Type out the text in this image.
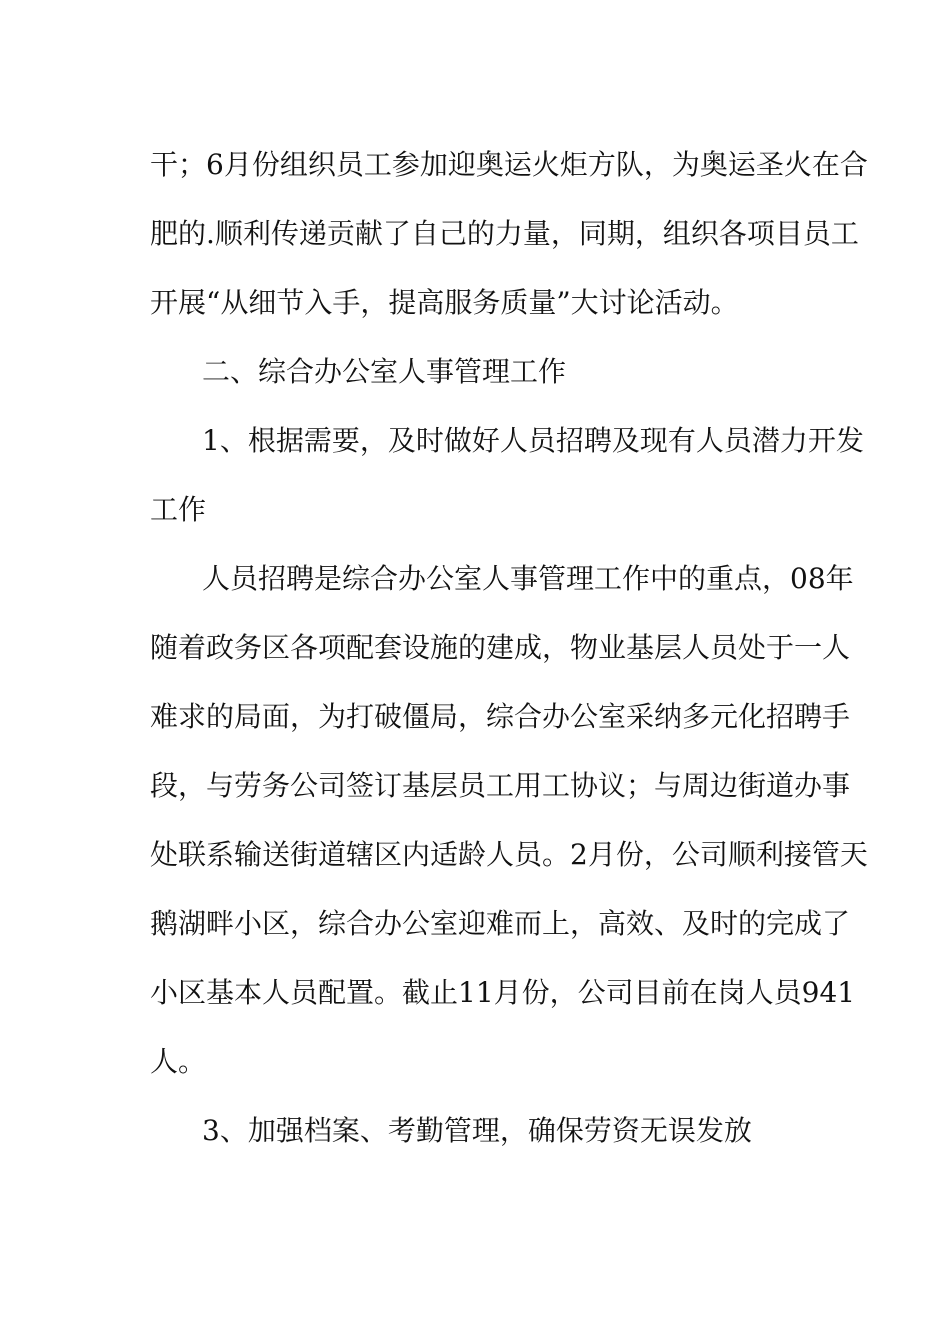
干；6月份组织员工参加迎奥运火炬方队，为奥运圣火在合
肥的.顺利传递贡献了自己的力量，同期，组织各项目员工
开展“从细节入手，提高服务质量”大讨论活动。
二、综合办公室人事管理工作
1、根据需要，及时做好人员招聘及现有人员潜力开发
工作
人员招聘是综合办公室人事管理工作中的重点，08年
随着政务区各项配套设施的建成，物业基层人员处于一人
难求的局面，为打破僵局，综合办公室采纳多元化招聘手
段，与劳务公司签订基层员工用工协议；与周边街道办事
处联系输送街道辖区内适龄人员。2月份，公司顺利接管天
鹅湖畔小区，综合办公室迎难而上，高效、及时的完成了
小区基本人员配置。截止11月份，公司目前在岗人员941
人。
3、加强档案、考勤管理，确保劳资无误发放
